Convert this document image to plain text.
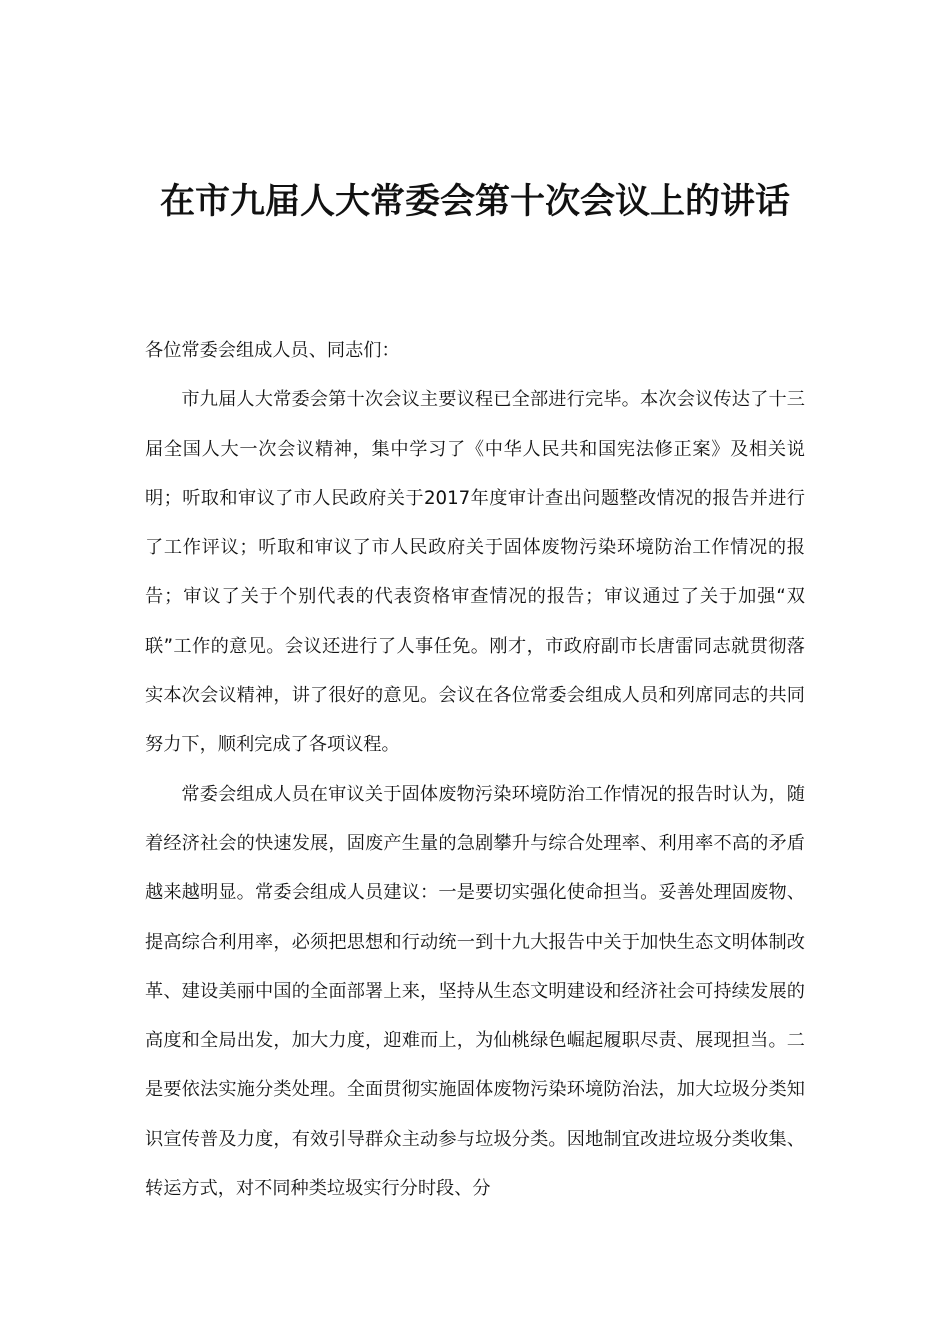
在市九届人大常委会第十次会议上的讲话

各位常委会组成人员、同志们：

市九届人大常委会第十次会议主要议程已全部进行完毕。本次会议传达了十三届全国人大一次会议精神，集中学习了《中华人民共和国宪法修正案》及相关说明；听取和审议了市人民政府关于2017年度审计查出问题整改情况的报告并进行了工作评议；听取和审议了市人民政府关于固体废物污染环境防治工作情况的报告；审议了关于个别代表的代表资格审查情况的报告；审议通过了关于加强“双联”工作的意见。会议还进行了人事任免。刚才，市政府副市长唐雷同志就贯彻落实本次会议精神，讲了很好的意见。会议在各位常委会组成人员和列席同志的共同努力下，顺利完成了各项议程。

常委会组成人员在审议关于固体废物污染环境防治工作情况的报告时认为，随着经济社会的快速发展，固废产生量的急剧攀升与综合处理率、利用率不高的矛盾越来越明显。常委会组成人员建议：一是要切实强化使命担当。妥善处理固废物、提高综合利用率，必须把思想和行动统一到十九大报告中关于加快生态文明体制改革、建设美丽中国的全面部署上来，坚持从生态文明建设和经济社会可持续发展的高度和全局出发，加大力度，迎难而上，为仙桃绿色崛起履职尽责、展现担当。二是要依法实施分类处理。全面贯彻实施固体废物污染环境防治法，加大垃圾分类知识宣传普及力度，有效引导群众主动参与垃圾分类。因地制宜改进垃圾分类收集、转运方式，对不同种类垃圾实行分时段、分
